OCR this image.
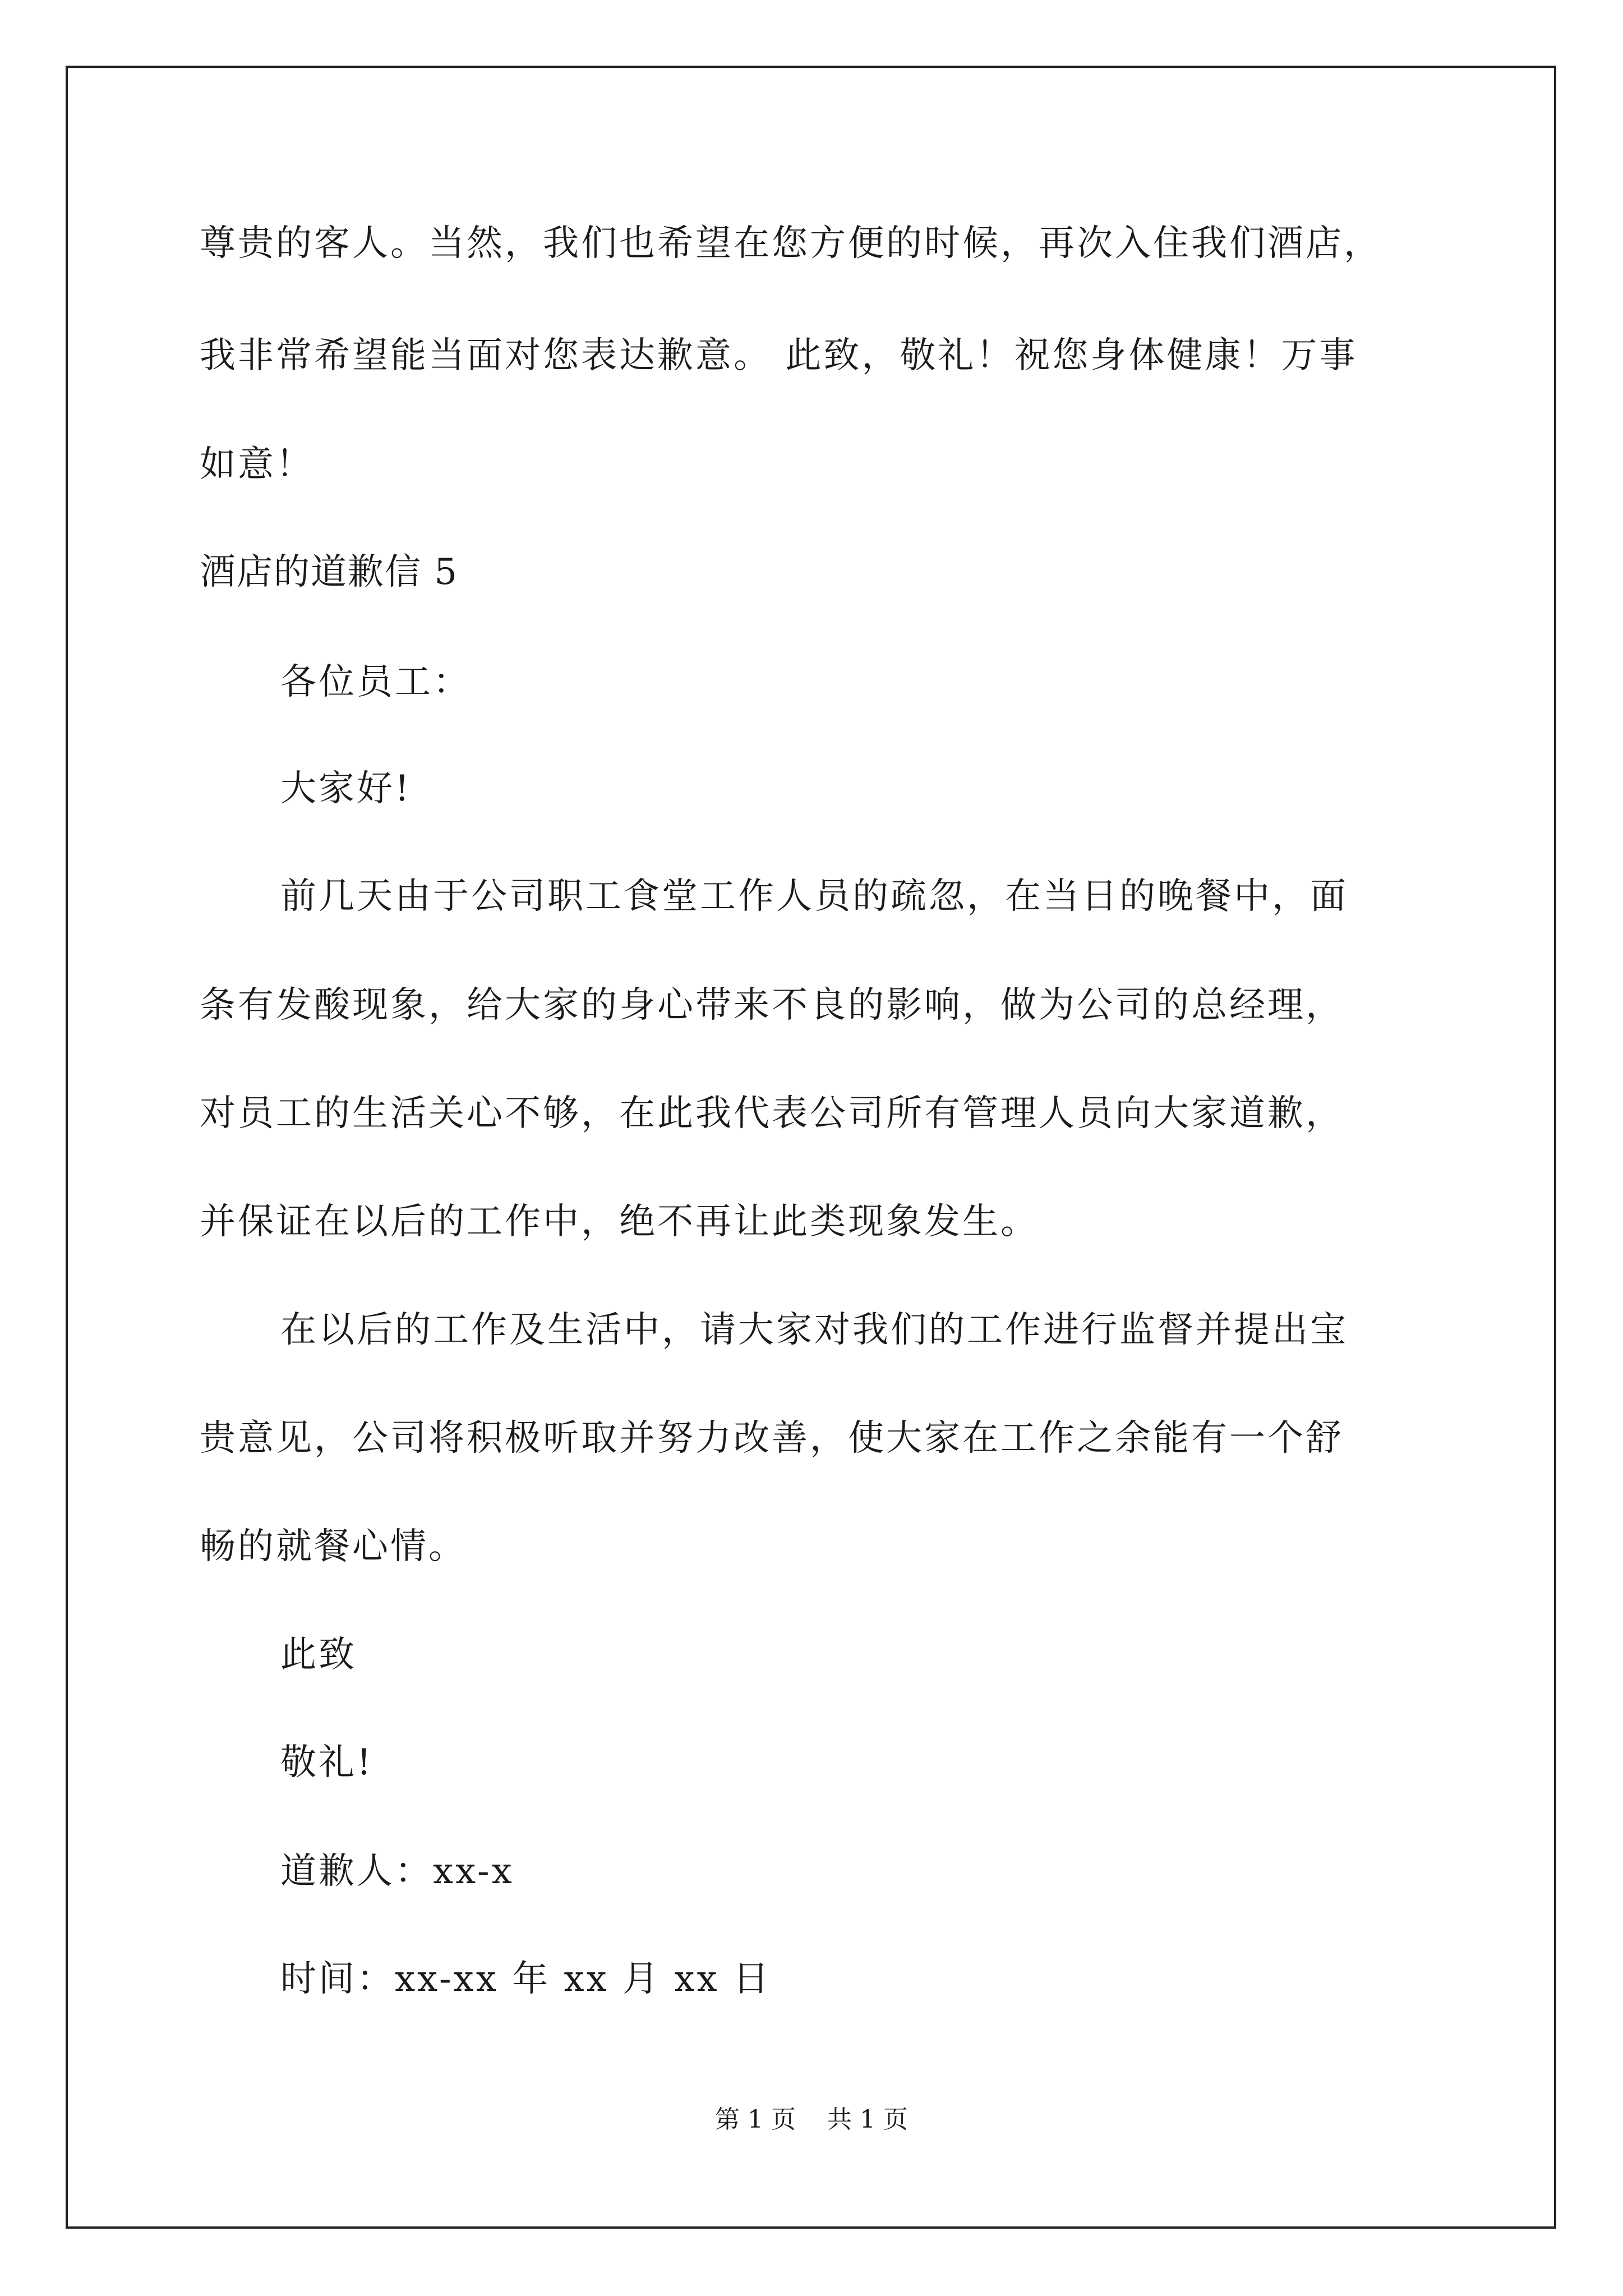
尊贵的客人。当然，我们也希望在您方便的时候，再次入住我们酒店，
我非常希望能当面对您表达歉意。 此致，敬礼！祝您身体健康！万事
如意！
酒店的道歉信 5
各位员工：
大家好!
前几天由于公司职工食堂工作人员的疏忽，在当日的晚餐中，面
条有发酸现象，给大家的身心带来不良的影响，做为公司的总经理，
对员工的生活关心不够，在此我代表公司所有管理人员向大家道歉，
并保证在以后的工作中，绝不再让此类现象发生。
在以后的工作及生活中，请大家对我们的工作进行监督并提出宝
贵意见，公司将积极听取并努力改善，使大家在工作之余能有一个舒
畅的就餐心情。
此致
敬礼!
道歉人：xx-x
时间：xx-xx 年 xx 月 xx 日
第 1 页    共 1 页
